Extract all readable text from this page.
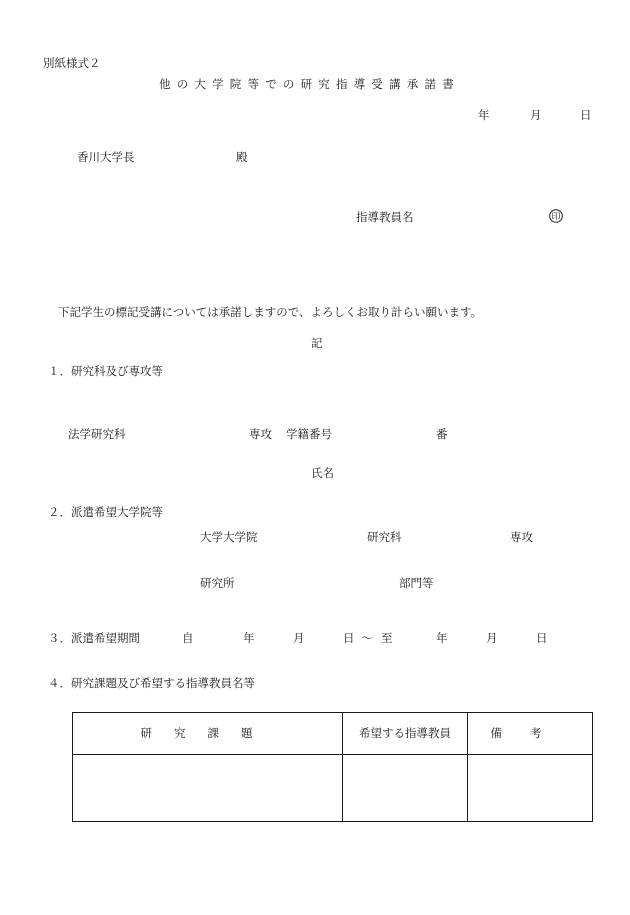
別紙様式２
他の大学院等での研究指導受講承諾書
年	月	日
香川大学長	殿
指導教員名	印
下記学生の標記受講については承諾しますので、よろしくお取り計らい願います。
記
１．研究科及び専攻等
法学研究科	専攻 学籍番号	番
氏名
２．派遣希望大学院等
大学大学院	研究科	専攻
研究所	部門等
３．派遣希望期間	自	年	月	日 ～ 至	年	月	日
４．研究課題及び希望する指導教員名等
研究課題	希望する指導教員	備考
